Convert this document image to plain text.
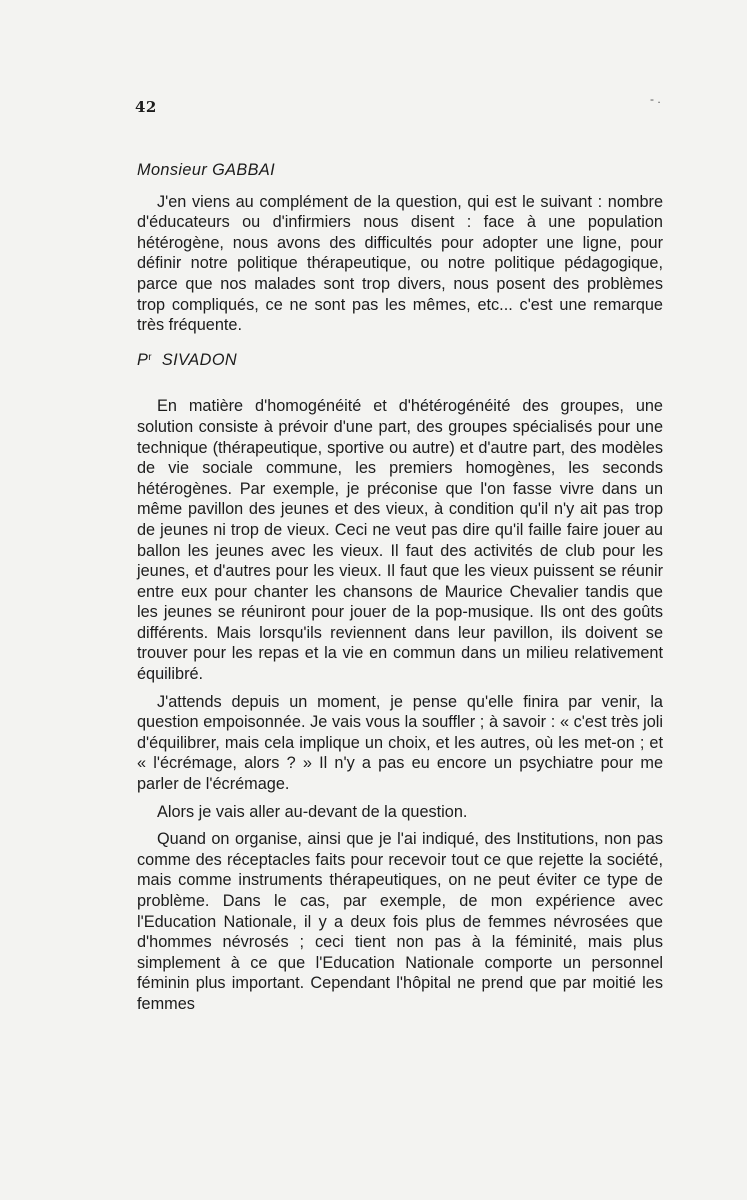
42	- .

Monsieur GABBAI

J'en viens au complément de la question, qui est le suivant : nombre d'éducateurs ou d'infirmiers nous disent : face à une population hétérogène, nous avons des difficultés pour adopter une ligne, pour définir notre politique thérapeutique, ou notre politique pédagogique, parce que nos malades sont trop divers, nous posent des problèmes trop compliqués, ce ne sont pas les mêmes, etc... c'est une remarque très fréquente.

$P^r$ SIVADON

En matière d'homogénéité et d'hétérogénéité des groupes, une solution consiste à prévoir d'une part, des groupes spécialisés pour une technique (thérapeutique, sportive ou autre) et d'autre part, des modèles de vie sociale commune, les premiers homogènes, les seconds hétérogènes. Par exemple, je préconise que l'on fasse vivre dans un même pavillon des jeunes et des vieux, à condition qu'il n'y ait pas trop de jeunes ni trop de vieux. Ceci ne veut pas dire qu'il faille faire jouer au ballon les jeunes avec les vieux. Il faut des activités de club pour les jeunes, et d'autres pour les vieux. Il faut que les vieux puissent se réunir entre eux pour chanter les chansons de Maurice Chevalier tandis que les jeunes se réuniront pour jouer de la pop-musique. Ils ont des goûts différents. Mais lorsqu'ils reviennent dans leur pavillon, ils doivent se trouver pour les repas et la vie en commun dans un milieu relativement équilibré.

J'attends depuis un moment, je pense qu'elle finira par venir, la question empoisonnée. Je vais vous la souffler ; à savoir : « c'est très joli d'équilibrer, mais cela implique un choix, et les autres, où les met-on ; et « l'écrémage, alors ? » Il n'y a pas eu encore un psychiatre pour me parler de l'écrémage.

Alors je vais aller au-devant de la question.

Quand on organise, ainsi que je l'ai indiqué, des Institutions, non pas comme des réceptacles faits pour recevoir tout ce que rejette la société, mais comme instruments thérapeutiques, on ne peut éviter ce type de problème. Dans le cas, par exemple, de mon expérience avec l'Education Nationale, il y a deux fois plus de femmes névrosées que d'hommes névrosés ; ceci tient non pas à la féminité, mais plus simplement à ce que l'Education Nationale comporte un personnel féminin plus important. Cependant l'hôpital ne prend que par moitié les femmes
